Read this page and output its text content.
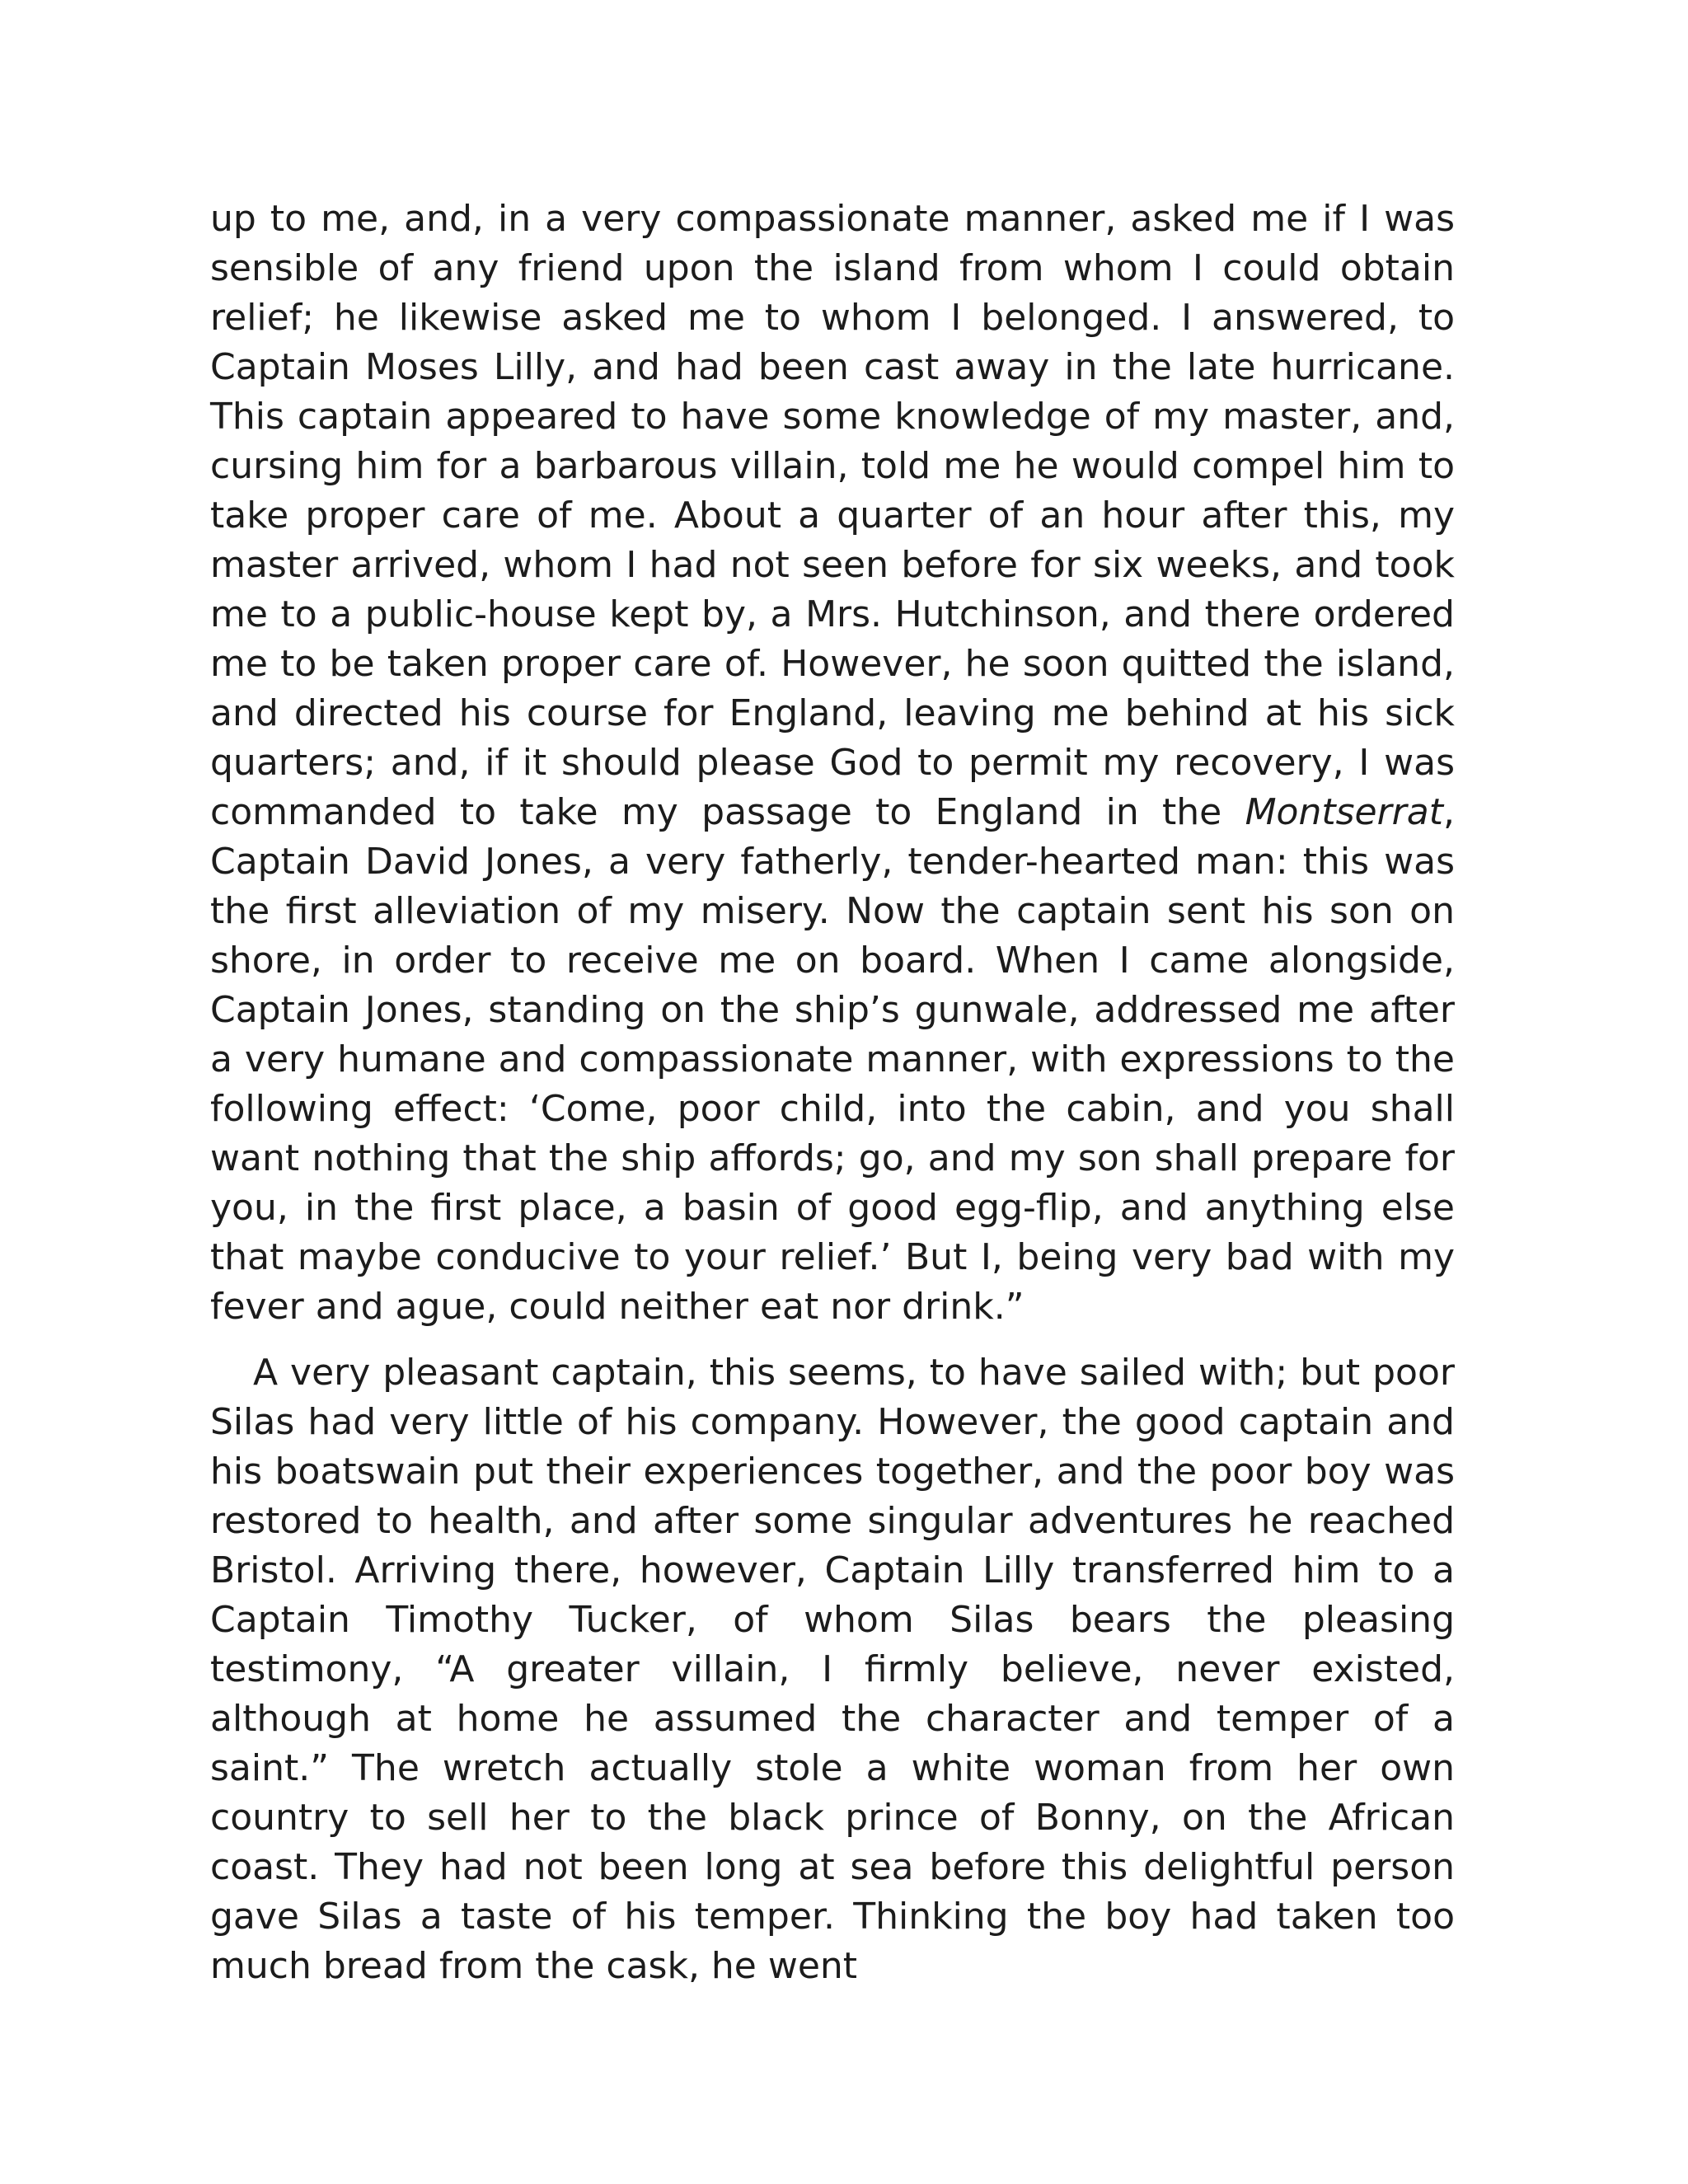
up to me, and, in a very compassionate manner, asked me if I was sensible of any friend upon the island from whom I could obtain relief; he likewise asked me to whom I belonged. I answered, to Captain Moses Lilly, and had been cast away in the late hurricane. This captain appeared to have some knowledge of my master, and, cursing him for a barbarous villain, told me he would compel him to take proper care of me. About a quarter of an hour after this, my master arrived, whom I had not seen before for six weeks, and took me to a public-house kept by, a Mrs. Hutchinson, and there ordered me to be taken proper care of. However, he soon quitted the island, and directed his course for England, leaving me behind at his sick quarters; and, if it should please God to permit my recovery, I was commanded to take my passage to England in the Montserrat, Captain David Jones, a very fatherly, tender-hearted man: this was the first alleviation of my misery. Now the captain sent his son on shore, in order to receive me on board. When I came alongside, Captain Jones, standing on the ship’s gunwale, addressed me after a very humane and compassionate manner, with expressions to the following effect: ‘Come, poor child, into the cabin, and you shall want nothing that the ship affords; go, and my son shall prepare for you, in the first place, a basin of good egg-flip, and anything else that maybe conducive to your relief.’ But I, being very bad with my fever and ague, could neither eat nor drink.”

A very pleasant captain, this seems, to have sailed with; but poor Silas had very little of his company. However, the good captain and his boatswain put their experiences together, and the poor boy was restored to health, and after some singular adventures he reached Bristol. Arriving there, however, Captain Lilly transferred him to a Captain Timothy Tucker, of whom Silas bears the pleasing testimony, “A greater villain, I firmly believe, never existed, although at home he assumed the character and temper of a saint.” The wretch actually stole a white woman from her own country to sell her to the black prince of Bonny, on the African coast. They had not been long at sea before this delightful person gave Silas a taste of his temper. Thinking the boy had taken too much bread from the cask, he went
